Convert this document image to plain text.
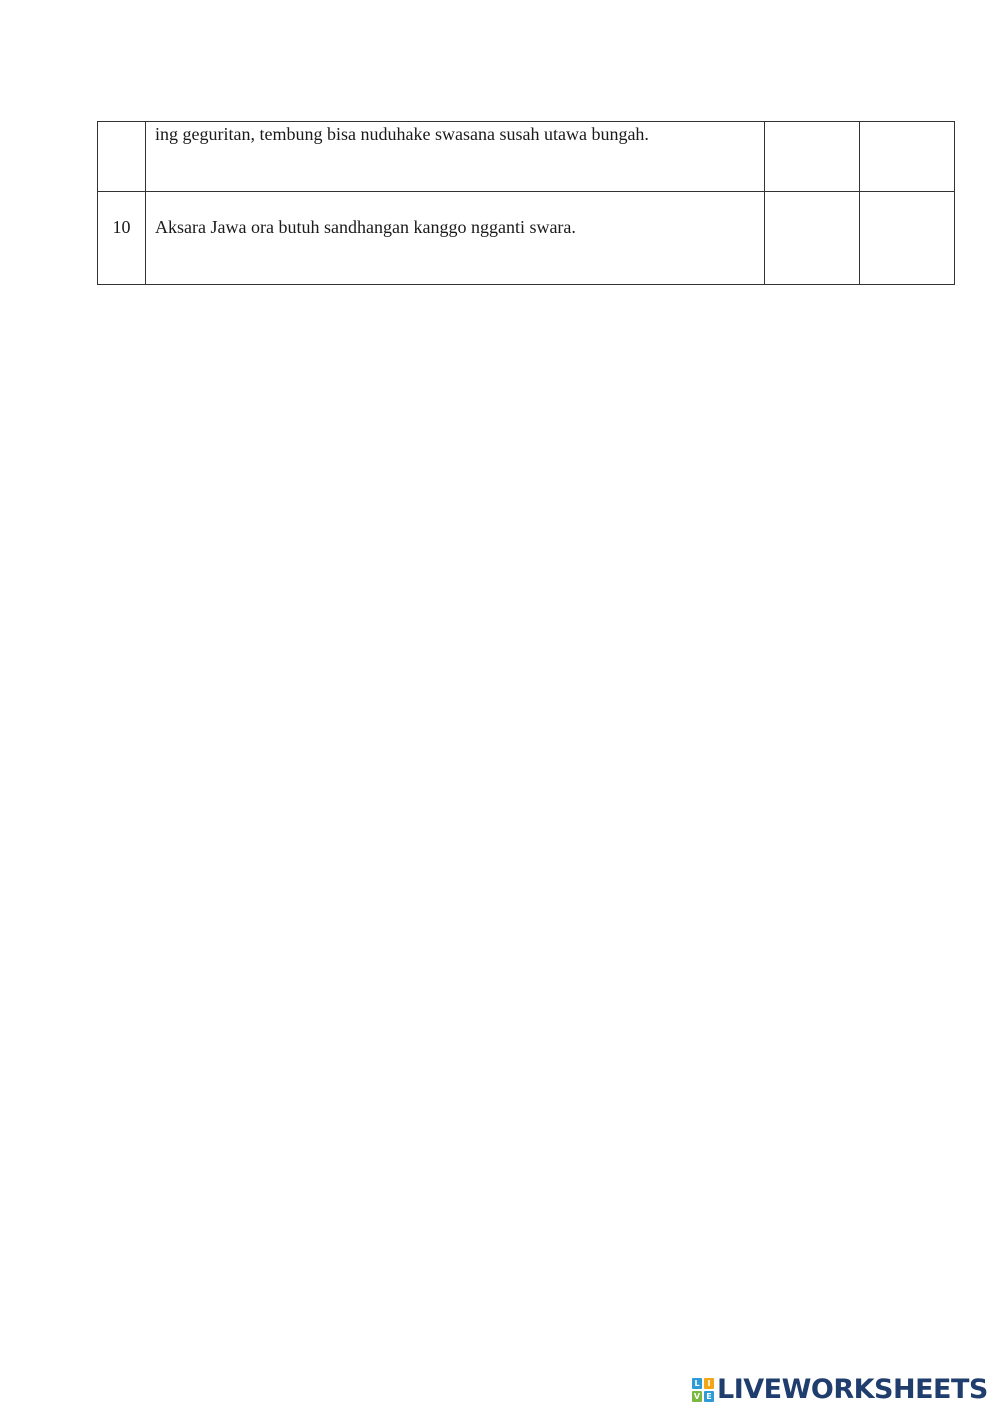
	ing geguritan, tembung bisa nuduhake swasana susah utawa bungah.		

10	Aksara Jawa ora butuh sandhangan kanggo ngganti swara.		

L I
V E LIVEWORKSHEETS
